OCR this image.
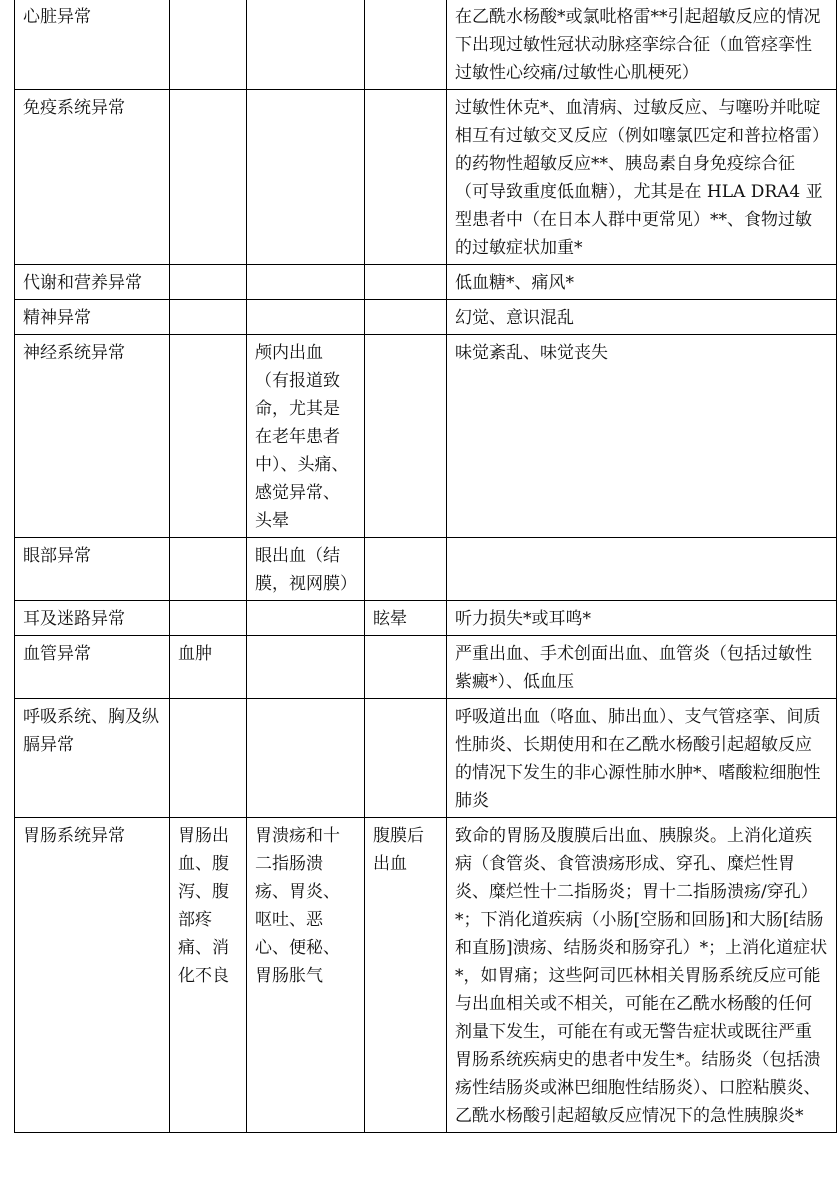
心脏异常				在乙酰水杨酸*或氯吡格雷**引起超敏反应的情况下出现过敏性冠状动脉痉挛综合征（血管痉挛性过敏性心绞痛/过敏性心肌梗死）
免疫系统异常				过敏性休克*、血清病、过敏反应、与噻吩并吡啶相互有过敏交叉反应（例如噻氯匹定和普拉格雷）的药物性超敏反应**、胰岛素自身免疫综合征（可导致重度低血糖），尤其是在 HLA DRA4 亚型患者中（在日本人群中更常见）**、食物过敏的过敏症状加重*
代谢和营养异常				低血糖*、痛风*
精神异常				幻觉、意识混乱
神经系统异常		颅内出血（有报道致命，尤其是在老年患者中）、头痛、感觉异常、头晕		味觉紊乱、味觉丧失
眼部异常		眼出血（结膜，视网膜）		
耳及迷路异常			眩晕	听力损失*或耳鸣*
血管异常	血肿			严重出血、手术创面出血、血管炎（包括过敏性紫癜*）、低血压
呼吸系统、胸及纵膈异常				呼吸道出血（咯血、肺出血）、支气管痉挛、间质性肺炎、长期使用和在乙酰水杨酸引起超敏反应的情况下发生的非心源性肺水肿*、嗜酸粒细胞性肺炎
胃肠系统异常	胃肠出血、腹泻、腹部疼痛、消化不良	胃溃疡和十二指肠溃疡、胃炎、呕吐、恶心、便秘、胃肠胀气	腹膜后出血	致命的胃肠及腹膜后出血、胰腺炎。上消化道疾病（食管炎、食管溃疡形成、穿孔、糜烂性胃炎、糜烂性十二指肠炎；胃十二指肠溃疡/穿孔）*；下消化道疾病（小肠[空肠和回肠]和大肠[结肠和直肠]溃疡、结肠炎和肠穿孔）*；上消化道症状*，如胃痛；这些阿司匹林相关胃肠系统反应可能与出血相关或不相关，可能在乙酰水杨酸的任何剂量下发生，可能在有或无警告症状或既往严重胃肠系统疾病史的患者中发生*。结肠炎（包括溃疡性结肠炎或淋巴细胞性结肠炎）、口腔粘膜炎、乙酰水杨酸引起超敏反应情况下的急性胰腺炎*
